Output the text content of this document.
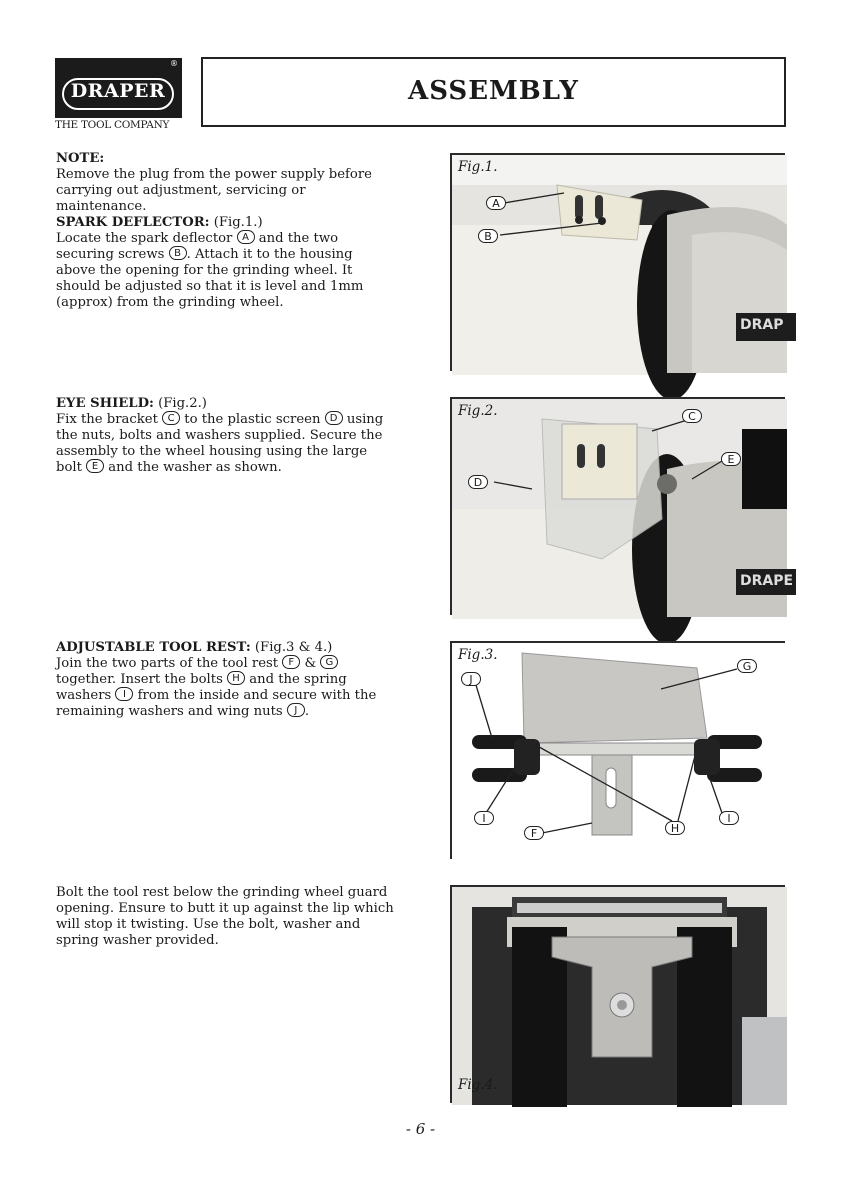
DRAPER
®
THE TOOL COMPANY
ASSEMBLY
NOTE:
Remove the plug from the power supply before carrying out adjustment, servicing or maintenance.
SPARK DEFLECTOR: (Fig.1.)
Locate the spark deflector A and the two securing screws B . Attach it to the housing above the opening for the grinding wheel. It should be adjusted so that it is level and 1mm (approx) from the grinding wheel.
EYE SHIELD: (Fig.2.)
Fix the bracket C to the plastic screen D using the nuts, bolts and washers supplied. Secure the assembly to the wheel housing using the large bolt E and the washer as shown.
ADJUSTABLE TOOL REST: (Fig.3 & 4.)
Join the two parts of the tool rest F & G together. Insert the bolts H and the spring washers I from the inside and secure with the remaining washers and wing nuts J .
Bolt the tool rest below the grinding wheel guard opening. Ensure to butt it up against the lip which will stop it twisting. Use the bolt, washer and spring washer provided.
Fig.1.
A
B
DRAP
Fig.2.	C
E
D
DRAPE
Fig.3.
J
G
I
F	H
I
Fig.4.
- 6 -
